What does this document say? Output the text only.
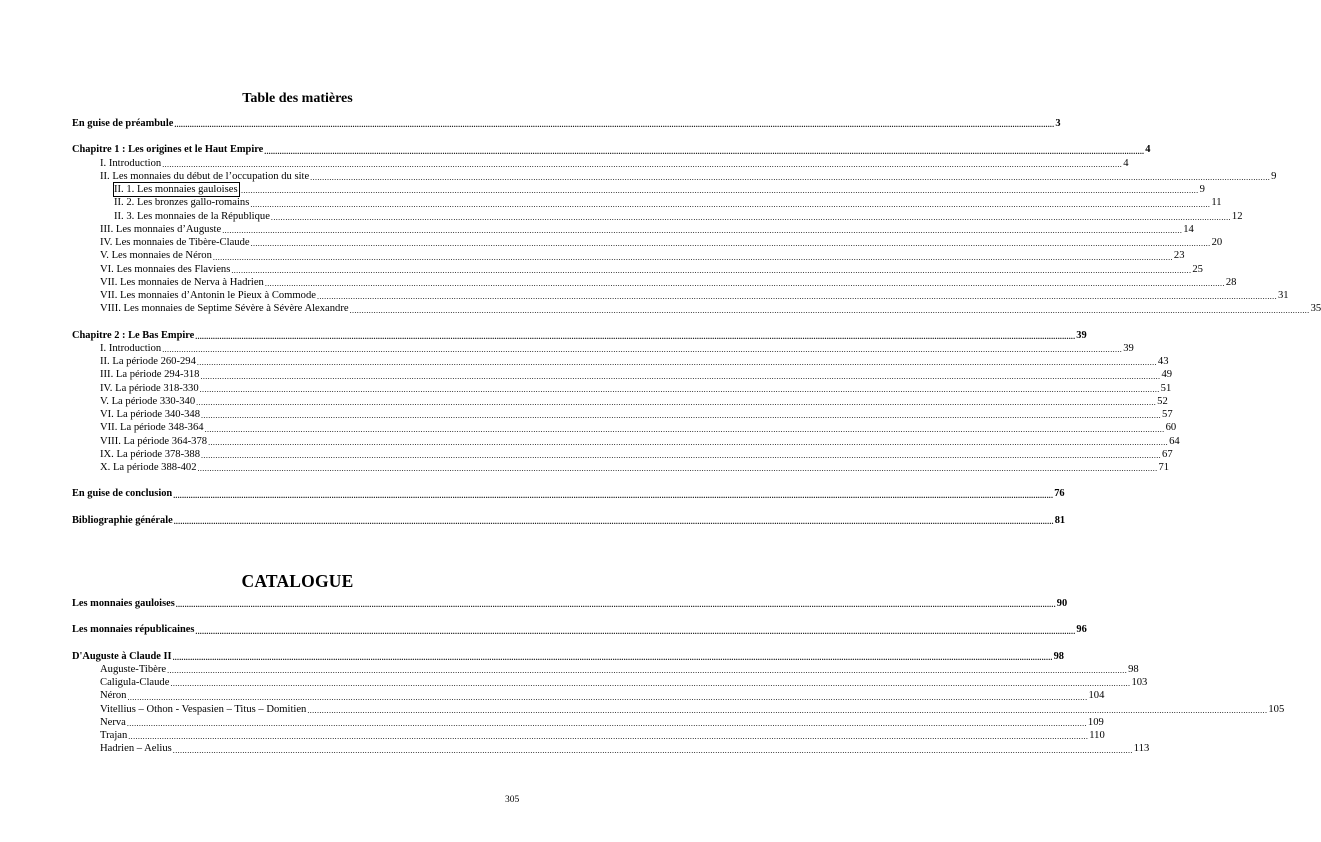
Table des matières
En guise de préambule ................................................................................................................................................................................................................................................................................................................................................................................................................ 3
Chapitre 1 : Les origines et le Haut Empire ................................................................................................................................................................................................................................................................................................................................................................................................................ 4
I. Introduction ................................................................................................................................................................................................................................................................................................................................................................................................................ 4
II. Les monnaies du début de l’occupation du site ................................................................................................................................................................................................................................................................................................................................................................................................................ 9
II. 1. Les monnaies gauloises ................................................................................................................................................................................................................................................................................................................................................................................................................ 9
II. 2. Les bronzes gallo-romains ................................................................................................................................................................................................................................................................................................................................................................................................................ 11
II. 3. Les monnaies de la République ................................................................................................................................................................................................................................................................................................................................................................................................................ 12
III. Les monnaies d’Auguste ................................................................................................................................................................................................................................................................................................................................................................................................................ 14
IV. Les monnaies de Tibère-Claude ................................................................................................................................................................................................................................................................................................................................................................................................................ 20
V. Les monnaies de Néron ................................................................................................................................................................................................................................................................................................................................................................................................................ 23
VI. Les monnaies des Flaviens ................................................................................................................................................................................................................................................................................................................................................................................................................ 25
VII. Les monnaies de Nerva à Hadrien ................................................................................................................................................................................................................................................................................................................................................................................................................ 28
VII. Les monnaies d’Antonin le Pieux à Commode ................................................................................................................................................................................................................................................................................................................................................................................................................ 31
VIII. Les monnaies de Septime Sévère à Sévère Alexandre ................................................................................................................................................................................................................................................................................................................................................................................................................ 35
Chapitre 2 : Le Bas Empire ................................................................................................................................................................................................................................................................................................................................................................................................................ 39
I. Introduction ................................................................................................................................................................................................................................................................................................................................................................................................................ 39
II. La période 260-294 ................................................................................................................................................................................................................................................................................................................................................................................................................ 43
III. La période 294-318 ................................................................................................................................................................................................................................................................................................................................................................................................................ 49
IV. La période 318-330 ................................................................................................................................................................................................................................................................................................................................................................................................................ 51
V. La période 330-340 ................................................................................................................................................................................................................................................................................................................................................................................................................ 52
VI. La période 340-348 ................................................................................................................................................................................................................................................................................................................................................................................................................ 57
VII. La période 348-364 ................................................................................................................................................................................................................................................................................................................................................................................................................ 60
VIII. La période 364-378 ................................................................................................................................................................................................................................................................................................................................................................................................................ 64
IX. La période 378-388 ................................................................................................................................................................................................................................................................................................................................................................................................................ 67
X. La période 388-402 ................................................................................................................................................................................................................................................................................................................................................................................................................ 71
En guise de conclusion ................................................................................................................................................................................................................................................................................................................................................................................................................ 76
Bibliographie générale ................................................................................................................................................................................................................................................................................................................................................................................................................ 81
CATALOGUE
Les monnaies gauloises ................................................................................................................................................................................................................................................................................................................................................................................................................ 90
Les monnaies républicaines ................................................................................................................................................................................................................................................................................................................................................................................................................ 96
D'Auguste à Claude II ................................................................................................................................................................................................................................................................................................................................................................................................................ 98
Auguste-Tibère ................................................................................................................................................................................................................................................................................................................................................................................................................ 98
Caligula-Claude ................................................................................................................................................................................................................................................................................................................................................................................................................ 103
Néron ................................................................................................................................................................................................................................................................................................................................................................................................................ 104
Vitellius – Othon - Vespasien – Titus – Domitien ................................................................................................................................................................................................................................................................................................................................................................................................................ 105
Nerva ................................................................................................................................................................................................................................................................................................................................................................................................................ 109
Trajan ................................................................................................................................................................................................................................................................................................................................................................................................................ 110
Hadrien – Aelius ................................................................................................................................................................................................................................................................................................................................................................................................................ 113
305
